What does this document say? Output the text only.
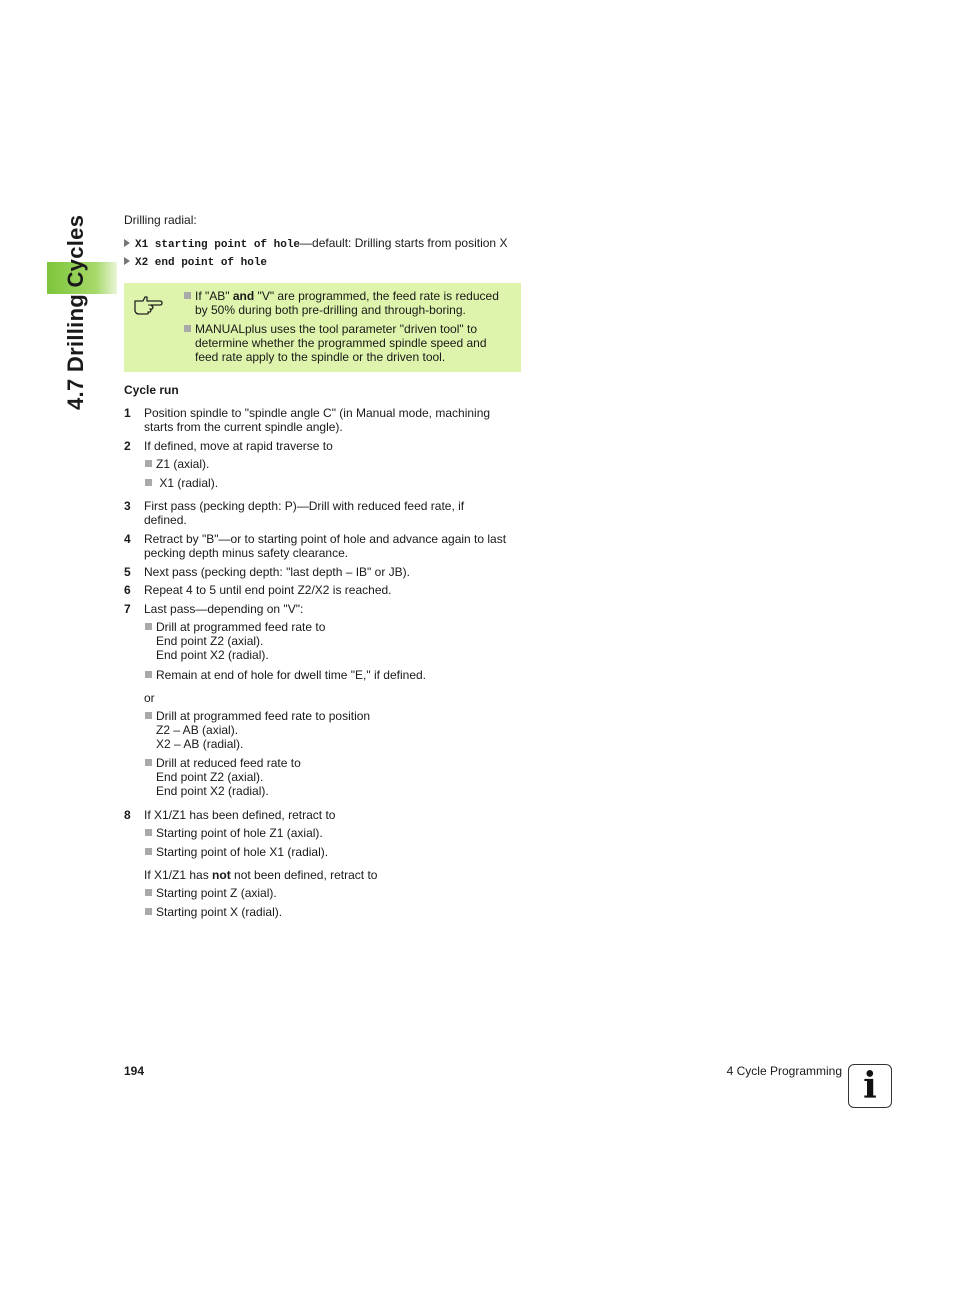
4.7 Drilling Cycles	Drilling radial:
X1 starting point of hole—default: Drilling starts from position X
X2 end point of hole
If "AB" and "V" are programmed, the feed rate is reduced
by 50% during both pre-drilling and through-boring.
MANUALplus uses the tool parameter "driven tool" to
determine whether the programmed spindle speed and
feed rate apply to the spindle or the driven tool.
Cycle run
1 Position spindle to "spindle angle C" (in Manual mode, machining
starts from the current spindle angle).
2 If defined, move at rapid traverse to
Z1 (axial).
X1 (radial).
3 First pass (pecking depth: P)—Drill with reduced feed rate, if
defined.
4 Retract by "B"—or to starting point of hole and advance again to last
pecking depth minus safety clearance.
5 Next pass (pecking depth: "last depth – IB" or JB).
6 Repeat 4 to 5 until end point Z2/X2 is reached.
7 Last pass—depending on "V":
Drill at programmed feed rate to
End point Z2 (axial).
End point X2 (radial).
Remain at end of hole for dwell time "E," if defined.
or
Drill at programmed feed rate to position
Z2 – AB (axial).
X2 – AB (radial).
Drill at reduced feed rate to
End point Z2 (axial).
End point X2 (radial).
8 If X1/Z1 has been defined, retract to
Starting point of hole Z1 (axial).
Starting point of hole X1 (radial).
If X1/Z1 has not not been defined, retract to
Starting point Z (axial).
Starting point X (radial).
194	4 Cycle Programming i
